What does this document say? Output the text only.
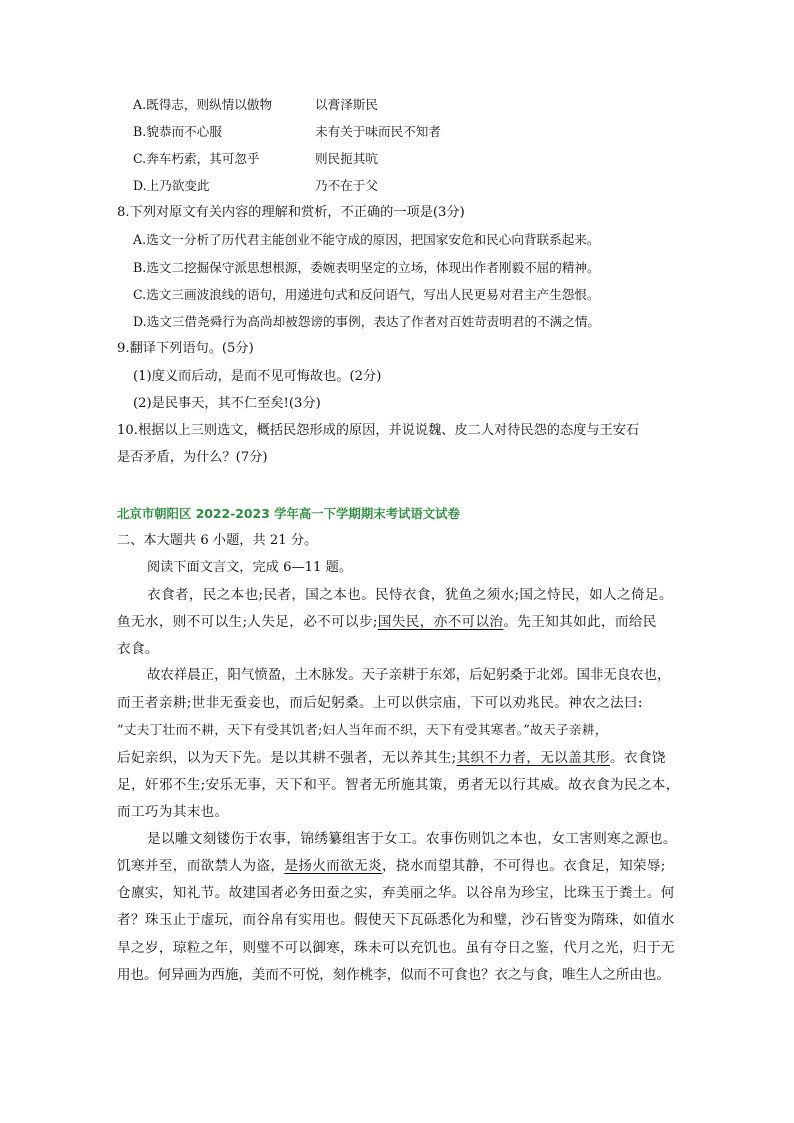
A.既得志，则纵情以傲物	以膏泽斯民
B.貌恭而不心服	未有关于味而民不知者
C.奔车朽索，其可忽乎	则民扼其吭
D.上乃欲变此	乃不在于父
8.下列对原文有关内容的理解和赏析，不正确的一项是(3分)
A.选文一分析了历代君主能创业不能守成的原因，把国家安危和民心向背联系起来。
B.选文二挖掘保守派思想根源，委婉表明坚定的立场，体现出作者刚毅不屈的精神。
C.选文三画波浪线的语句，用递进句式和反问语气，写出人民更易对君主产生怨恨。
D.选文三借尧舜行为高尚却被怨谤的事例，表达了作者对百姓苛责明君的不满之情。
9.翻译下列语句。(5分)
(1)度义而后动，是而不见可悔故也。(2分)
(2)是民事天，其不仁至矣!(3分)
10.根据以上三则选文，概括民怨形成的原因，并说说魏、皮二人对待民怨的态度与王安石
是否矛盾，为什么？(7分)
北京市朝阳区 2022-2023 学年高一下学期期末考试语文试卷
二、本大题共 6 小题，共 21 分。
阅读下面文言文，完成 6—11 题。
衣食者，民之本也;民者，国之本也。民恃衣食，犹鱼之须水;国之恃民，如人之倚足。
鱼无水，则不可以生;人失足，必不可以步;国失民，亦不可以治。先王知其如此，而给民
衣食。
故农祥晨正，阳气愤盈，土木脉发。天子亲耕于东郊，后妃躬桑于北郊。国非无良农也，
而王者亲耕;世非无蚕妾也，而后妃躬桑。上可以供宗庙，下可以劝兆民。神农之法曰:
“丈夫丁壮而不耕，天下有受其饥者;妇人当年而不织，天下有受其寒者。”故天子亲耕，
后妃亲织，以为天下先。是以其耕不强者，无以养其生;其织不力者，无以盖其形。衣食饶
足，奸邪不生;安乐无事，天下和平。智者无所施其策，勇者无以行其威。故衣食为民之本，
而工巧为其末也。
是以雕文刻镂伤于农事，锦绣纂组害于女工。农事伤则饥之本也，女工害则寒之源也。
饥寒并至，而欲禁人为盗，是扬火而欲无炎，挠水而望其静，不可得也。衣食足，知荣辱;
仓廪实，知礼节。故建国者必务田蚕之实，弃美丽之华。以谷帛为珍宝，比珠玉于粪土。何
者？珠玉止于虚玩，而谷帛有实用也。假使天下瓦砾悉化为和璧，沙石皆变为隋珠，如值水
旱之岁，琼粒之年，则璧不可以御寒，珠未可以充饥也。虽有夺日之鉴，代月之光，归于无
用也。何异画为西施，美而不可悦，刻作桃李，似而不可食也？衣之与食，唯生人之所由也。
